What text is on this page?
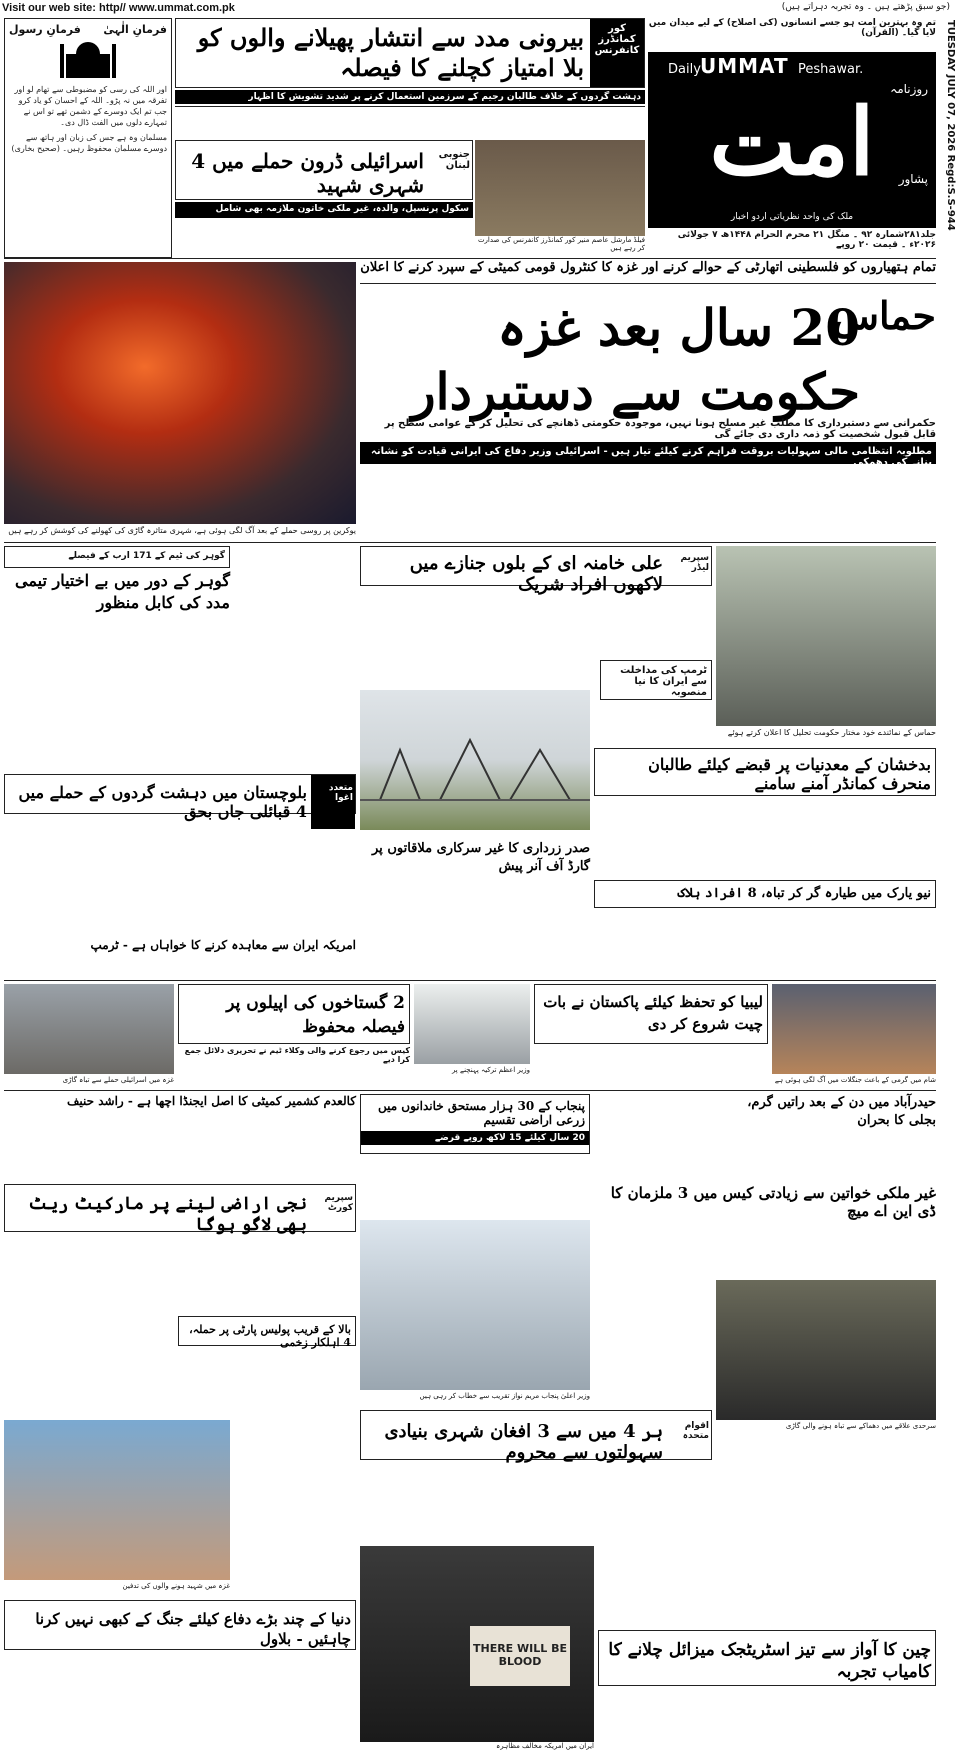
Visit our web site: http// www.ummat.com.pk	(جو سبق پڑھتے ہیں ۔ وہ تجربہ دہراتے ہیں)
TUESDAY JULY 07, 2026 Regd:S.S-944
فرمانِ الٰہیٰ
فرمانِ رسول
اور اللہ کی رسی کو مضبوطی سے تھام لو اور تفرقہ میں نہ پڑو۔ اللہ کے احسان کو یاد کرو جب تم ایک دوسرے کے دشمن تھے تو اس نے تمہارے دلوں میں الفت ڈال دی۔
مسلمان وہ ہے جس کی زبان اور ہاتھ سے دوسرے مسلمان محفوظ رہیں۔ (صحیح بخاری)
بیرونی مدد سے انتشار پھیلانے والوں کو بلا امتیاز کچلنے کا فیصلہ
کور کمانڈرز کانفرنس
دہشت گردوں کے خلاف طالبان رجیم کے سرزمین استعمال کرنے پر شدید تشویش کا اظہار
تم وہ بہترین امت ہو جسے انسانوں (کی اصلاح) کے لیے میدان میں لایا گیا۔ (القرآن)
Daily UMMAT Peshawar.
امت	روزنامہ
پشاور
ملک کی واحد نظریاتی اردو اخبار
فیلڈ مارشل عاصم منیر کور کمانڈرز کانفرنس کی صدارت کر رہے ہیں
اسرائیلی ڈرون حملے میں 4 شہری شہید
جنوبی لبنان
سکول پرنسپل، والدہ، غیر ملکی خاتون ملازمہ بھی شامل
جلد۲۸۱شمارہ ۹۲ ۔ منگل ۲۱ محرم الحرام ۱۴۴۸ھ ۷ جولائی ۲۰۲۶ء ۔ قیمت ۲۰ روپے
تمام ہتھیاروں کو فلسطینی اتھارٹی کے حوالے کرنے اور غزہ کا کنٹرول قومی کمیٹی کے سپرد کرنے کا اعلان
حماس
20 سال بعد غزہ حکومت سے دستبردار
حکمرانی سے دستبرداری کا مطلب غیر مسلح ہونا نہیں، موجودہ حکومتی ڈھانچے کی تحلیل کر کے عوامی سطح پر قابل قبول شخصیت کو ذمہ داری دی جائے گی
مطلوبہ انتظامی مالی سہولیات بروقت فراہم کرنے کیلئے تیار ہیں - اسرائیلی وزیر دفاع کی ایرانی قیادت کو نشانہ بنانے کی دھمکی
یوکرین پر روسی حملے کے بعد آگ لگی ہوئی ہے، شہری متاثرہ گاڑی کی کھولنے کی کوشش کر رہے ہیں
گوہر کی ٹیم کے 171 ارب کے فیصلے
گوہر کے دور میں بے اختیار تیمی مدد کی کابل منظور
علی خامنہ ای کے بلوں جنازے میں لاکھوں افراد شریک
سپریم لیڈر
حماس کے نمائندے خود مختار حکومت تحلیل کا اعلان کرتے ہوئے
ٹرمپ کی مداخلت سے ایران کا نیا منصوبہ
بلوچستان میں دہشت گردوں کے حملے میں 4 قبائلی جاں بحق
متعدد اغوا
بدخشان کے معدنیات پر قبضے کیلئے طالبان منحرف کمانڈر آمنے سامنے
صدر زرداری کا غیر سرکاری ملاقاتوں پر گارڈ آف آنر پیش
نیو یارک میں طیارہ گر کر تباہ، 8 افراد ہلاک
امریکہ ایران سے معاہدہ کرنے کا خواہاں ہے - ٹرمپ
غزہ میں اسرائیلی حملے سے تباہ گاڑی
2 گستاخوں کی اپیلوں پر فیصلہ محفوظ
کیس میں رجوع کرنے والی وکلاء ٹیم نے تحریری دلائل جمع کرا دیے
وزیر اعظم ترکیہ پہنچنے پر
لیبیا کو تحفظ کیلئے پاکستان نے بات چیت شروع کر دی
شام میں گرمی کے باعث جنگلات میں آگ لگی ہوئی ہے
حیدرآباد میں دن کے بعد راتیں گرم، بجلی کا بحران
کالعدم کشمیر کمیٹی کا اصل ایجنڈا اچھا ہے - راشد حنیف	پنجاب کے 30 ہزار مستحق خاندانوں میں زرعی اراضی تقسیم
20 سال کیلئے 15 لاکھ روپے قرضے
نجی اراضی لینے پر مارکیٹ ریٹ بھی لاگو ہوگا
سپریم کورٹ
غیر ملکی خواتین سے زیادتی کیس میں 3 ملزمان کا ڈی این اے میچ
وزیر اعلیٰ پنجاب مریم نواز تقریب سے خطاب کر رہی ہیں
بالا کے قریب پولیس پارٹی پر حملہ، 4 اہلکار زخمی
سرحدی علاقے میں دھماکے سے تباہ ہونے والی گاڑی
ہر 4 میں سے 3 افغان شہری بنیادی سہولتوں سے محروم
اقوام متحدہ
غزہ میں شہید ہونے والوں کی تدفین
THERE WILL BE BLOOD
ایران میں امریکہ مخالف مظاہرہ
چین کا آواز سے تیز اسٹریٹجک میزائل چلانے کا کامیاب تجربہ
دنیا کے چند بڑے دفاع کیلئے جنگ کے کبھی نہیں کرنا چاہئیں - بلاول
